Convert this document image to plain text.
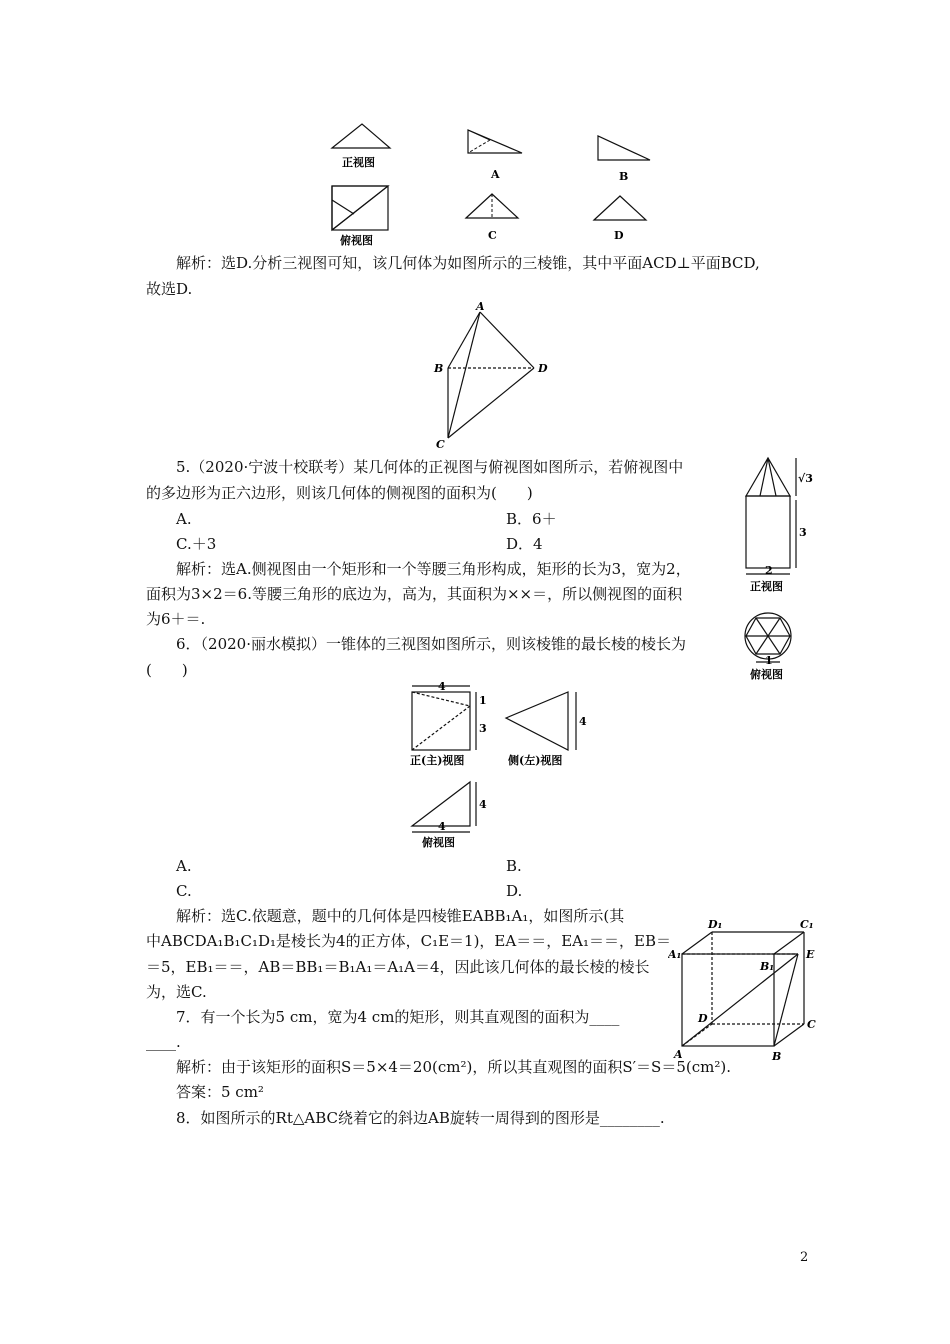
正视图
俯视图
A	B
C	D
解析：选D.分析三视图可知，该几何体为如图所示的三棱锥，其中平面ACD⊥平面BCD,
故选D.
A
B	D
C
5.（2020·宁波十校联考）某几何体的正视图与俯视图如图所示，若俯视图中
的多边形为正六边形，则该几何体的侧视图的面积为(　　)
A.	B．6＋
C.＋3	D．4
解析：选A.侧视图由一个矩形和一个等腰三角形构成，矩形的长为3，宽为2，
面积为3×2＝6.等腰三角形的底边为，高为，其面积为××＝，所以侧视图的面积
为6＋＝.
√3
3
2
正视图
1
俯视图
6．（2020·丽水模拟）一锥体的三视图如图所示，则该棱锥的最长棱的棱长为
(　　)
4
1
3
正(主)视图
4
侧(左)视图
4
4
俯视图
A.	B.
C.	D.
解析：选C.依题意，题中的几何体是四棱锥EABB₁A₁，如图所示(其
中ABCDA₁B₁C₁D₁是棱长为4的正方体，C₁E＝1)，EA＝＝，EA₁＝＝，EB＝
＝5，EB₁＝＝，AB＝BB₁＝B₁A₁＝A₁A＝4，因此该几何体的最长棱的棱长
为，选C.
D₁	C₁
A₁	E
B₁
D	C
A	B
7．有一个长为5 cm，宽为4 cm的矩形，则其直观图的面积为____
____.
解析：由于该矩形的面积S＝5×4＝20(cm²)，所以其直观图的面积S′＝S＝5(cm²).
答案：5 cm²
8．如图所示的Rt△ABC绕着它的斜边AB旋转一周得到的图形是________.
2
